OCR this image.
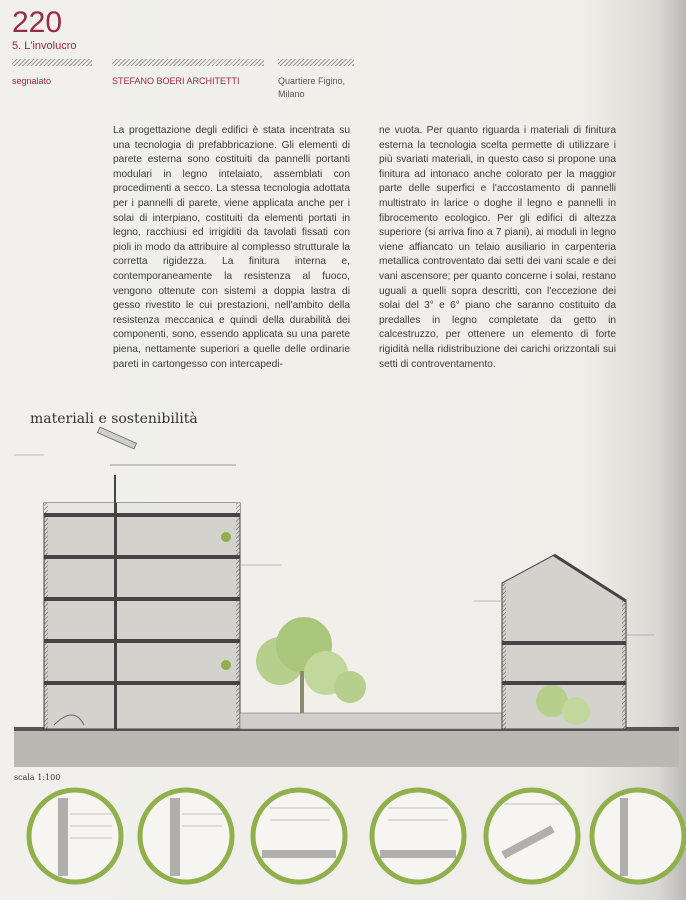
220
5. L'involucro
segnalato	STEFANO BOERI ARCHITETTI	Quartiere Figino, Milano

La progettazione degli edifici è stata incentrata su una tecnologia di prefabbricazione. Gli elementi di parete esterna sono costituiti da pannelli portanti modulari in legno intelaiato, assemblati con procedimenti a secco. La stessa tecnologia adottata per i pannelli di parete, viene applicata anche per i solai di interpiano, costituiti da elementi portati in legno, racchiusi ed irrigiditi da tavolati fissati con pioli in modo da attribuire al complesso strutturale la corretta rigidezza. La finitura interna e, contemporaneamente la resistenza al fuoco, vengono ottenute con sistemi a doppia lastra di gesso rivestito le cui prestazioni, nell'ambito della resistenza meccanica e quindi della durabilità dei componenti, sono, essendo applicata su una parete piena, nettamente superiori a quelle delle ordinarie pareti in cartongesso con intercapedi-

ne vuota. Per quanto riguarda i materiali di finitura esterna la tecnologia scelta permette di utilizzare i più svariati materiali, in questo caso si propone una finitura ad intonaco anche colorato per la maggior parte delle superfici e l'accostamento di pannelli multistrato in larice o doghe il legno e pannelli in fibrocemento ecologico. Per gli edifici di altezza superiore (si arriva fino a 7 piani), ai moduli in legno viene affiancato un telaio ausiliario in carpenteria metallica controventato dai setti dei vani scale e dei vani ascensore; per quanto concerne i solai, restano uguali a quelli sopra descritti, con l'eccezione dei solai del 3° e 6° piano che saranno costituito da predalles in legno completate da getto in calcestruzzo, per ottenere un elemento di forte rigidità nella ridistribuzione dei carichi orizzontali sui setti di controventamento.

materiali e sostenibilità
scala 1:100
